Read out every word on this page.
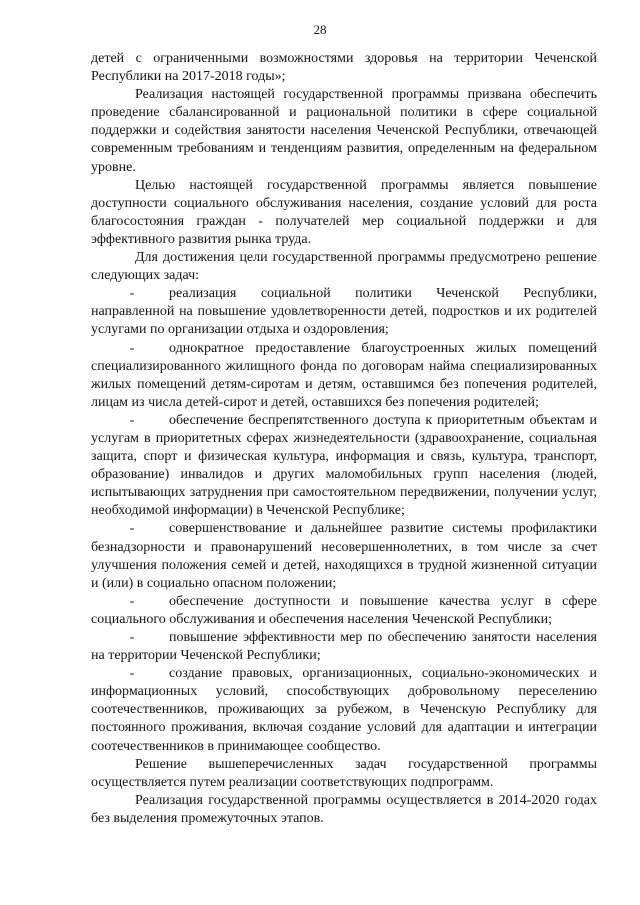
28

детей с ограниченными возможностями здоровья на территории Чеченской Республики на 2017-2018 годы»;

Реализация настоящей государственной программы призвана обеспечить проведение сбалансированной и рациональной политики в сфере социальной поддержки и содействия занятости населения Чеченской Республики, отвечающей современным требованиям и тенденциям развития, определенным на федеральном уровне.

Целью настоящей государственной программы является повышение доступности социального обслуживания населения, создание условий для роста благосостояния граждан - получателей мер социальной поддержки и для эффективного развития рынка труда.

Для достижения цели государственной программы предусмотрено решение следующих задач:

- реализация социальной политики Чеченской Республики, направленной на повышение удовлетворенности детей, подростков и их родителей услугами по организации отдыха и оздоровления;
- однократное предоставление благоустроенных жилых помещений специализированного жилищного фонда по договорам найма специализированных жилых помещений детям-сиротам и детям, оставшимся без попечения родителей, лицам из числа детей-сирот и детей, оставшихся без попечения родителей;
- обеспечение беспрепятственного доступа к приоритетным объектам и услугам в приоритетных сферах жизнедеятельности (здравоохранение, социальная защита, спорт и физическая культура, информация и связь, культура, транспорт, образование) инвалидов и других маломобильных групп населения (людей, испытывающих затруднения при самостоятельном передвижении, получении услуг, необходимой информации) в Чеченской Республике;
- совершенствование и дальнейшее развитие системы профилактики безнадзорности и правонарушений несовершеннолетних, в том числе за счет улучшения положения семей и детей, находящихся в трудной жизненной ситуации и (или) в социально опасном положении;
- обеспечение доступности и повышение качества услуг в сфере социального обслуживания и обеспечения населения Чеченской Республики;
- повышение эффективности мер по обеспечению занятости населения на территории Чеченской Республики;
- создание правовых, организационных, социально-экономических и информационных условий, способствующих добровольному переселению соотечественников, проживающих за рубежом, в Чеченскую Республику для постоянного проживания, включая создание условий для адаптации и интеграции соотечественников в принимающее сообщество.

Решение вышеперечисленных задач государственной программы осуществляется путем реализации соответствующих подпрограмм.

Реализация государственной программы осуществляется в 2014-2020 годах без выделения промежуточных этапов.
